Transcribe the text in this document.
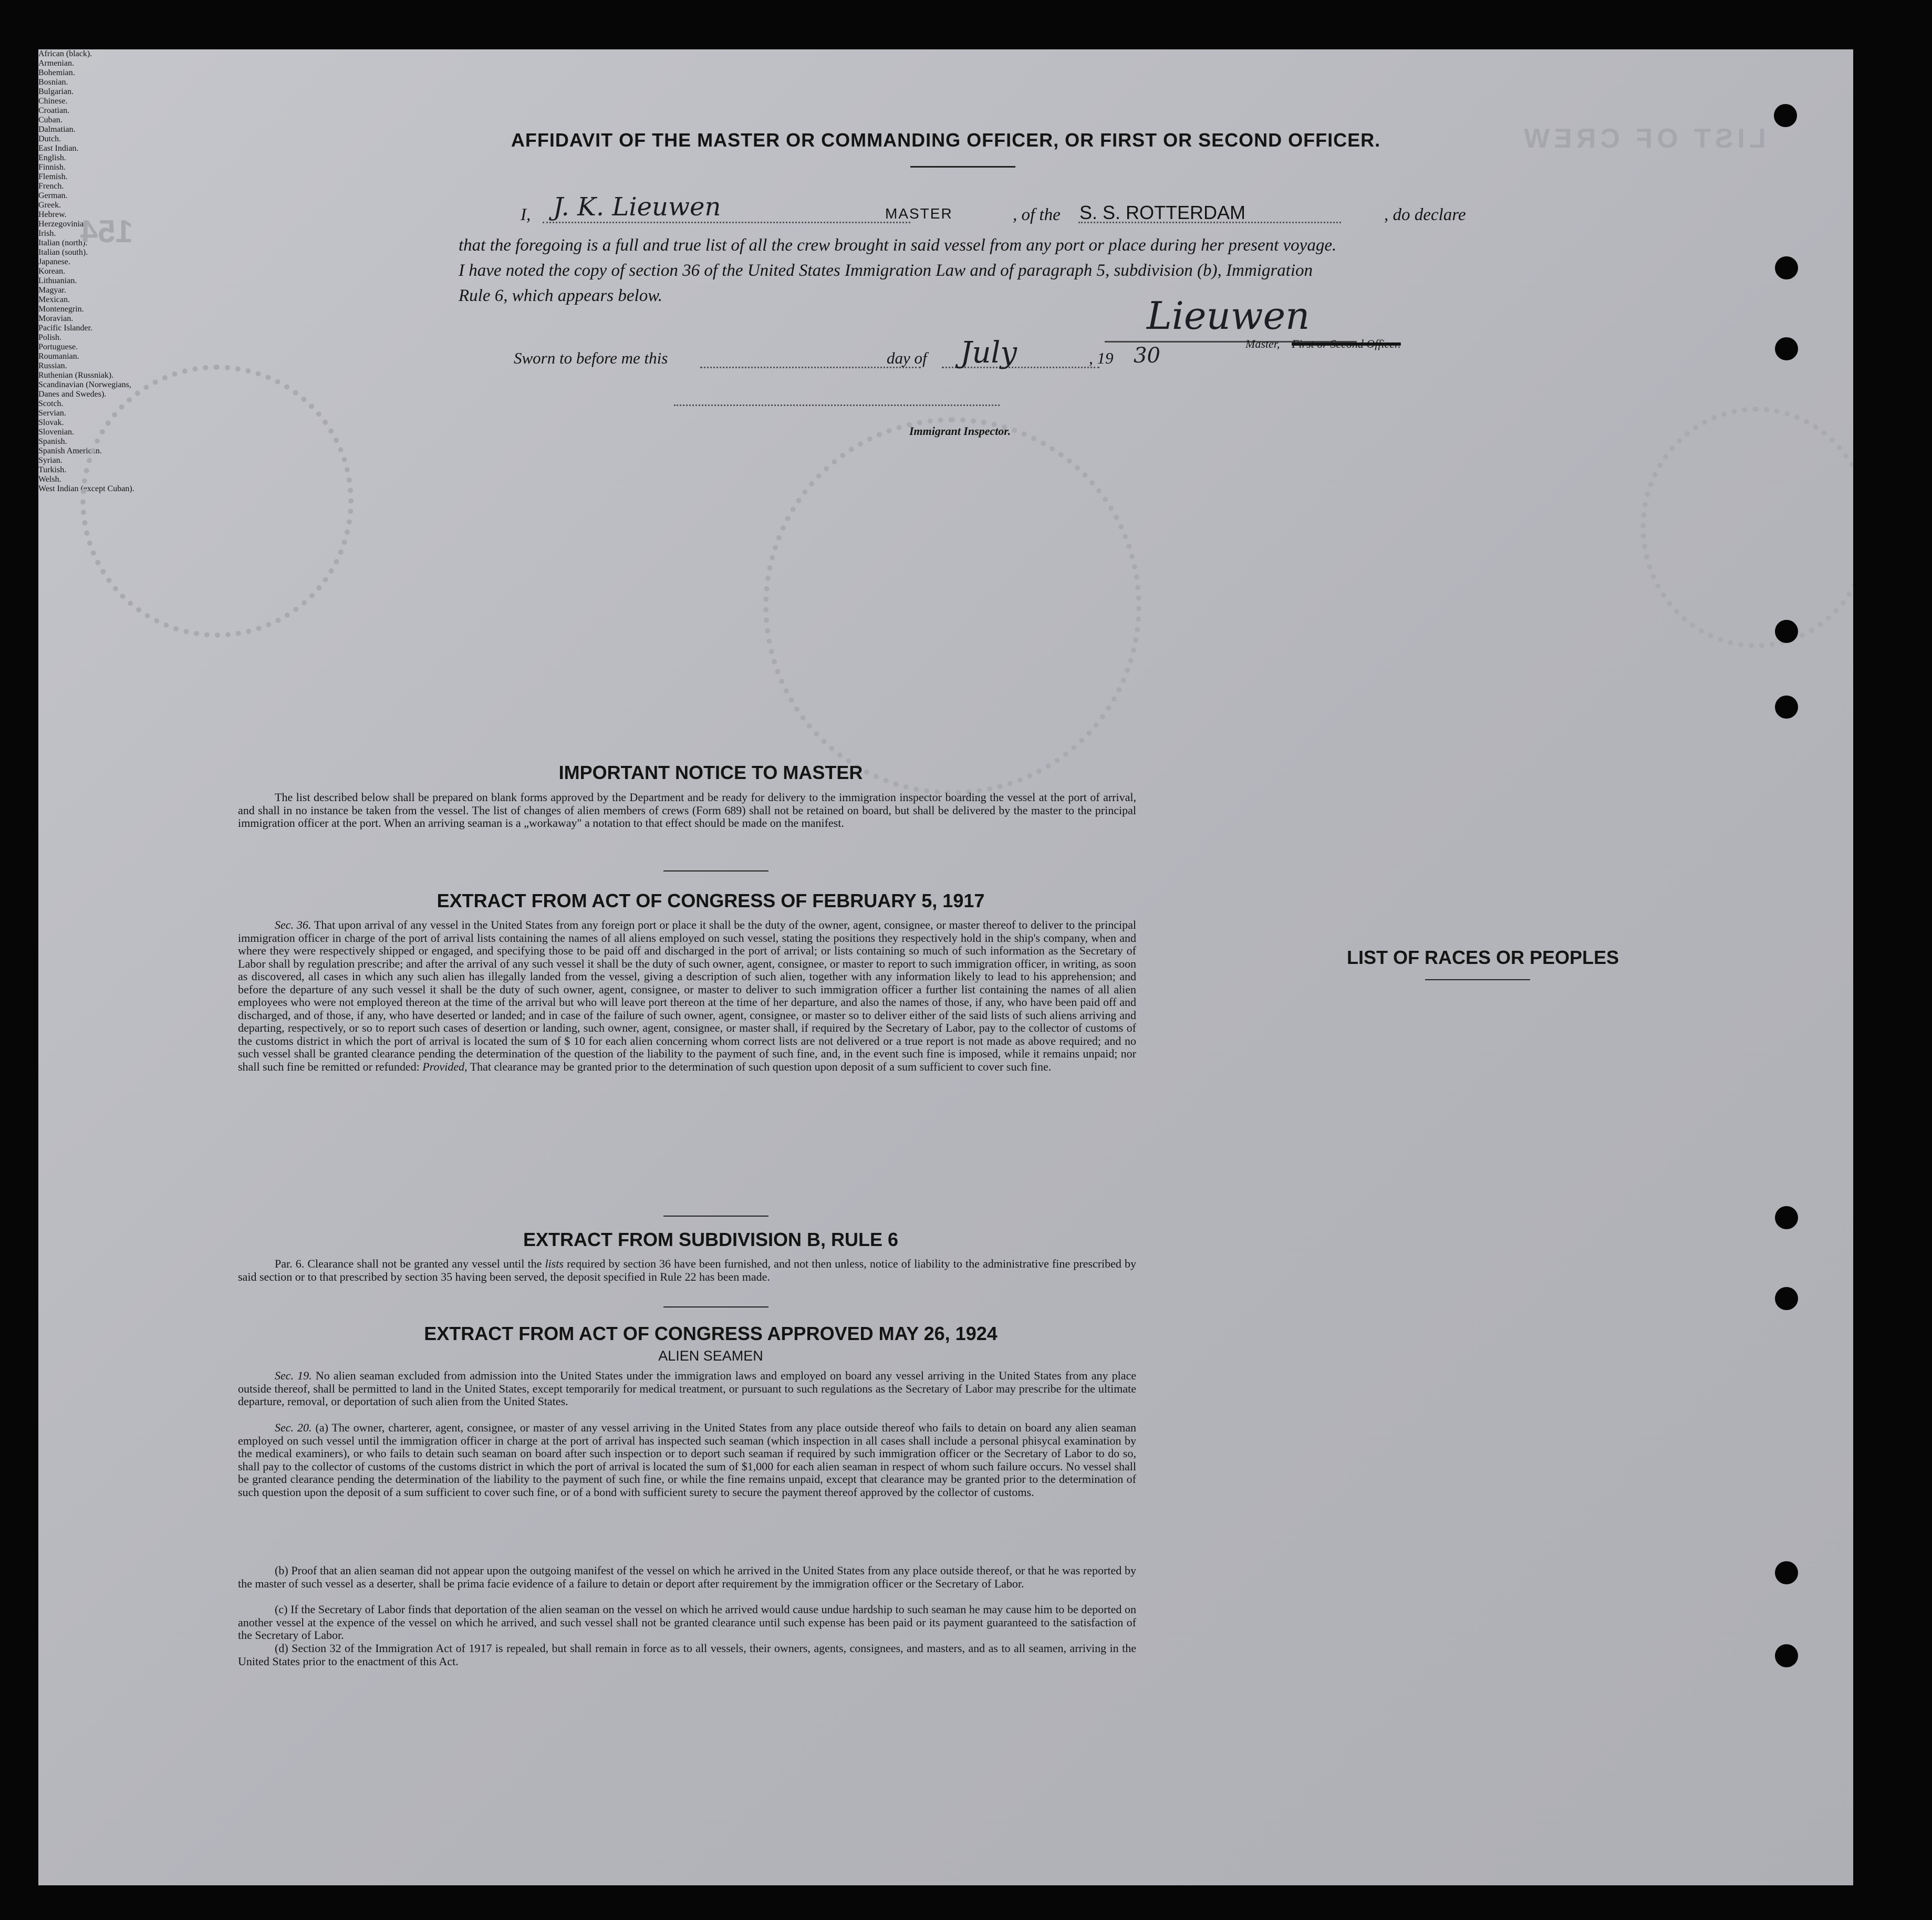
LIST OF CREW
154
AFFIDAVIT OF THE MASTER OR COMMANDING OFFICER, OR FIRST OR SECOND OFFICER.
I, J. K. Lieuwen	MASTER	, of the S. S. ROTTERDAM	, do declare
that the foregoing is a full and true list of all the crew brought in said vessel from any port or place during her present voyage.
I have noted the copy of section 36 of the United States Immigration Law and of paragraph 5, subdivision (b), Immigration
Rule 6, which appears below.	Lieuwen
Master, First or Second Officer.
Sworn to before me this	day of July	, 19 30
Immigrant Inspector.
IMPORTANT NOTICE TO MASTER

The list described below shall be prepared on blank forms approved by the Department and be ready for delivery to the immigration inspector boarding the vessel at the port of arrival, and shall in no instance be taken from the vessel. The list of changes of alien members of crews (Form 689) shall not be retained on board, but shall be delivered by the master to the principal immigration officer at the port. When an arriving seaman is a „workaway" a notation to that effect should be made on the manifest.

EXTRACT FROM ACT OF CONGRESS OF FEBRUARY 5, 1917

Sec. 36. That upon arrival of any vessel in the United States from any foreign port or place it shall be the duty of the owner, agent, consignee, or master thereof to deliver to the principal immigration officer in charge of the port of arrival lists containing the names of all aliens employed on such vessel, stating the positions they respectively hold in the ship's company, when and where they were respectively shipped or engaged, and specifying those to be paid off and discharged in the port of arrival; or lists containing so much of such information as the Secretary of Labor shall by regulation prescribe; and after the arrival of any such vessel it shall be the duty of such owner, agent, consignee, or master to report to such immigration officer, in writing, as soon as discovered, all cases in which any such alien has illegally landed from the vessel, giving a description of such alien, together with any information likely to lead to his apprehension; and before the departure of any such vessel it shall be the duty of such owner, agent, consignee, or master to deliver to such immigration officer a further list containing the names of all alien employees who were not employed thereon at the time of the arrival but who will leave port thereon at the time of her departure, and also the names of those, if any, who have been paid off and discharged, and of those, if any, who have deserted or landed; and in case of the failure of such owner, agent, consignee, or master so to deliver either of the said lists of such aliens arriving and departing, respectively, or so to report such cases of desertion or landing, such owner, agent, consignee, or master shall, if required by the Secretary of Labor, pay to the collector of customs of the customs district in which the port of arrival is located the sum of $ 10 for each alien concerning whom correct lists are not delivered or a true report is not made as above required; and no such vessel shall be granted clearance pending the determination of the question of the liability to the payment of such fine, and, in the event such fine is imposed, while it remains unpaid; nor shall such fine be remitted or refunded: Provided, That clearance may be granted prior to the determination of such question upon deposit of a sum sufficient to cover such fine.

EXTRACT FROM SUBDIVISION B, RULE 6

Par. 6. Clearance shall not be granted any vessel until the lists required by section 36 have been furnished, and not then unless, notice of liability to the administrative fine prescribed by said section or to that prescribed by section 35 having been served, the deposit specified in Rule 22 has been made.

EXTRACT FROM ACT OF CONGRESS APPROVED MAY 26, 1924
ALIEN SEAMEN

Sec. 19. No alien seaman excluded from admission into the United States under the immigration laws and employed on board any vessel arriving in the United States from any place outside thereof, shall be permitted to land in the United States, except temporarily for medical treatment, or pursuant to such regulations as the Secretary of Labor may prescribe for the ultimate departure, removal, or deportation of such alien from the United States.

Sec. 20. (a) The owner, charterer, agent, consignee, or master of any vessel arriving in the United States from any place outside thereof who fails to detain on board any alien seaman employed on such vessel until the immigration officer in charge at the port of arrival has inspected such seaman (which inspection in all cases shall include a personal phisycal examination by the medical examiners), or who fails to detain such seaman on board after such inspection or to deport such seaman if required by such immigration officer or the Secretary of Labor to do so, shall pay to the collector of customs of the customs district in which the port of arrival is located the sum of $1,000 for each alien seaman in respect of whom such failure occurs. No vessel shall be granted clearance pending the determination of the liability to the payment of such fine, or while the fine remains unpaid, except that clearance may be granted prior to the determination of such question upon the deposit of a sum sufficient to cover such fine, or of a bond with sufficient surety to secure the payment thereof approved by the collector of customs.

(b) Proof that an alien seaman did not appear upon the outgoing manifest of the vessel on which he arrived in the United States from any place outside thereof, or that he was reported by the master of such vessel as a deserter, shall be prima facie evidence of a failure to detain or deport after requirement by the immigration officer or the Secretary of Labor.

(c) If the Secretary of Labor finds that deportation of the alien seaman on the vessel on which he arrived would cause undue hardship to such seaman he may cause him to be deported on another vessel at the expence of the vessel on which he arrived, and such vessel shall not be granted clearance until such expense has been paid or its payment guaranteed to the satisfaction of the Secretary of Labor.

(d) Section 32 of the Immigration Act of 1917 is repealed, but shall remain in force as to all vessels, their owners, agents, consignees, and masters, and as to all seamen, arriving in the United States prior to the enactment of this Act.

LIST OF RACES OR PEOPLES
African (black).
Armenian.
Bohemian.
Bosnian.
Bulgarian.
Chinese.
Croatian.
Cuban.
Dalmatian.
Dutch.
East Indian.
English.
Finnish.
Flemish.
French.
German.
Greek.
Hebrew.
Herzegovinian.
Irish.
Italian (north).
Italian (south).
Japanese.
Korean.
Lithuanian.
Magyar.
Mexican.
Montenegrin.
Moravian.
Pacific Islander.
Polish.
Portuguese.
Roumanian.
Russian.
Ruthenian (Russniak).
Scandinavian (Norwegians,
Danes and Swedes).
Scotch.
Servian.
Slovak.
Slovenian.
Spanish.
Spanish American.
Syrian.
Turkish.
Welsh.
West Indian (except Cuban).
